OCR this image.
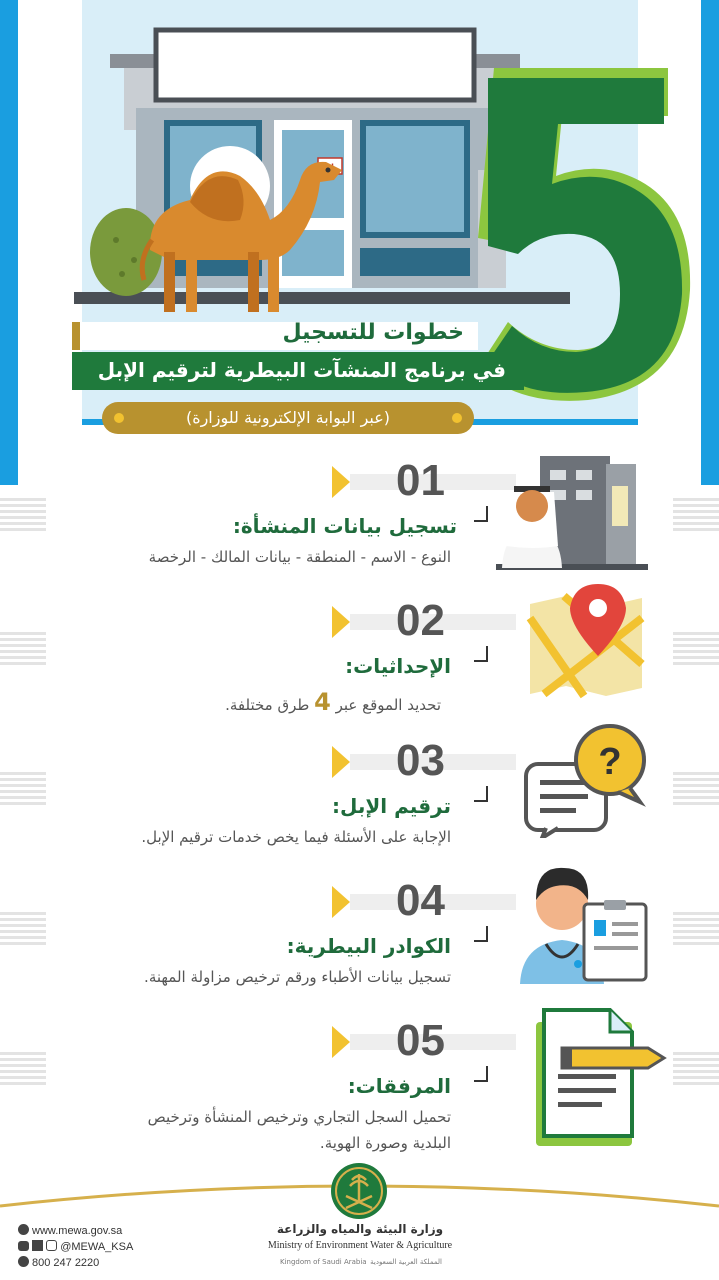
5
خطوات للتسجيل
في برنامج المنشآت البيطرية لترقيم الإبل
(عبر البوابة الإلكترونية للوزارة)
01
تسجيل بيانات المنشأة:
النوع - الاسم - المنطقة - بيانات المالك - الرخصة
02
الإحداثيات:
تحديد الموقع عبر 4 طرق مختلفة.
03
ترقيم الإبل:
الإجابة على الأسئلة فيما يخص خدمات ترقيم الإبل.
?
04
الكوادر البيطرية:
تسجيل بيانات الأطباء ورقم ترخيص مزاولة المهنة.
05
المرفقات:
تحميل السجل التجاري وترخيص المنشأة وترخيص
البلدية وصورة الهوية.
وزارة البيئة والمياه والزراعة
Ministry of Environment Water & Agriculture
Kingdom of Saudi Arabia المملكة العربية السعودية
www.mewa.gov.sa
@MEWA_KSA
800 247 2220
